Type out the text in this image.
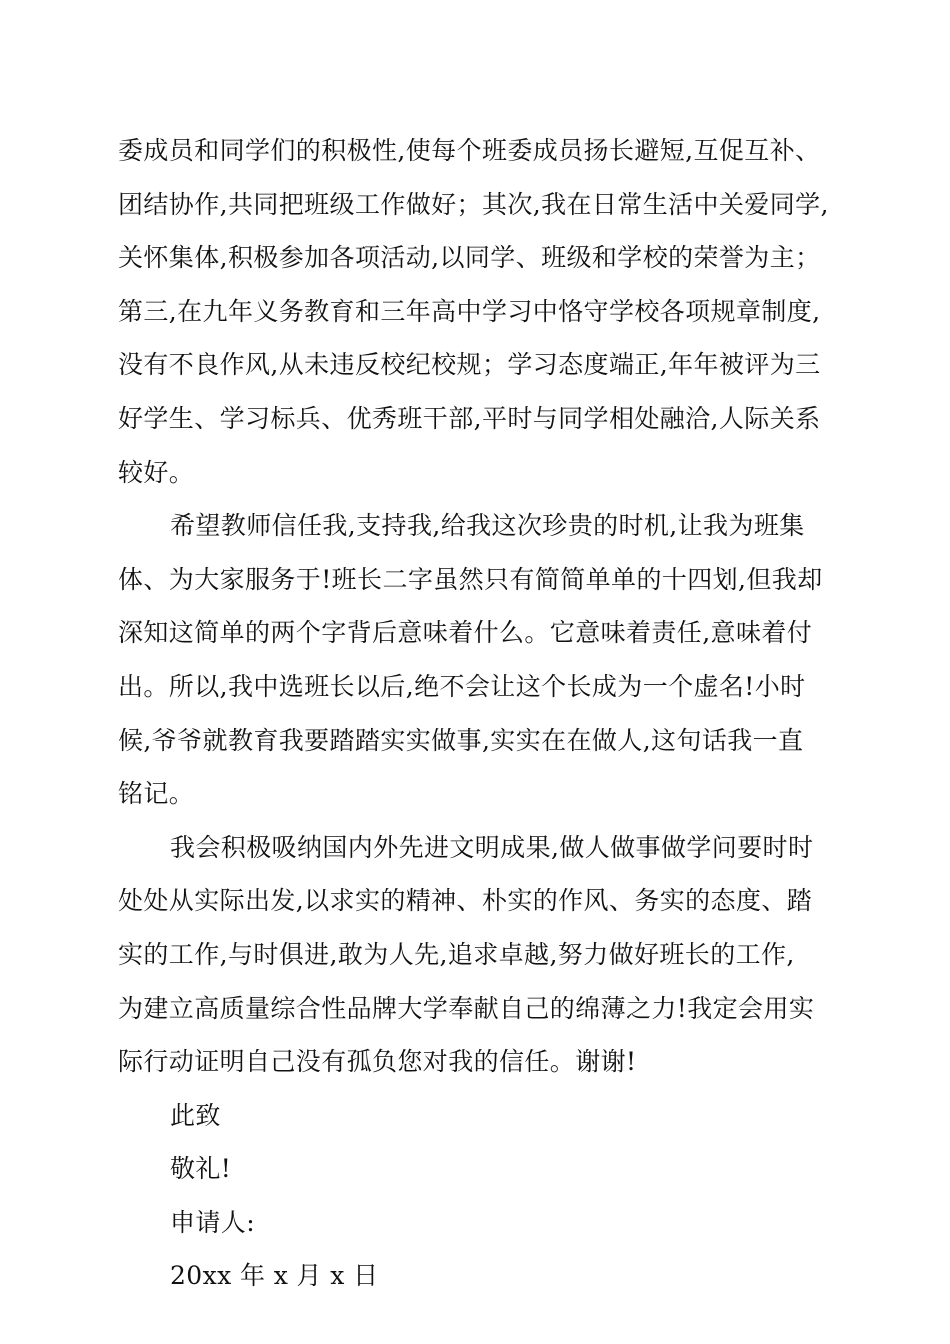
委成员和同学们的积极性,使每个班委成员扬长避短,互促互补、
团结协作,共同把班级工作做好；其次,我在日常生活中关爱同学,
关怀集体,积极参加各项活动,以同学、班级和学校的荣誉为主；
第三,在九年义务教育和三年高中学习中恪守学校各项规章制度,
没有不良作风,从未违反校纪校规；学习态度端正,年年被评为三
好学生、学习标兵、优秀班干部,平时与同学相处融洽,人际关系
较好。
希望教师信任我,支持我,给我这次珍贵的时机,让我为班集
体、为大家服务于!班长二字虽然只有简简单单的十四划,但我却
深知这简单的两个字背后意味着什么。它意味着责任,意味着付
出。所以,我中选班长以后,绝不会让这个长成为一个虚名!小时
候,爷爷就教育我要踏踏实实做事,实实在在做人,这句话我一直
铭记。
我会积极吸纳国内外先进文明成果,做人做事做学问要时时
处处从实际出发,以求实的精神、朴实的作风、务实的态度、踏
实的工作,与时俱进,敢为人先,追求卓越,努力做好班长的工作,
为建立高质量综合性品牌大学奉献自己的绵薄之力!我定会用实
际行动证明自己没有孤负您对我的信任。谢谢!
此致
敬礼!
申请人:
20xx 年 x 月 x 日
